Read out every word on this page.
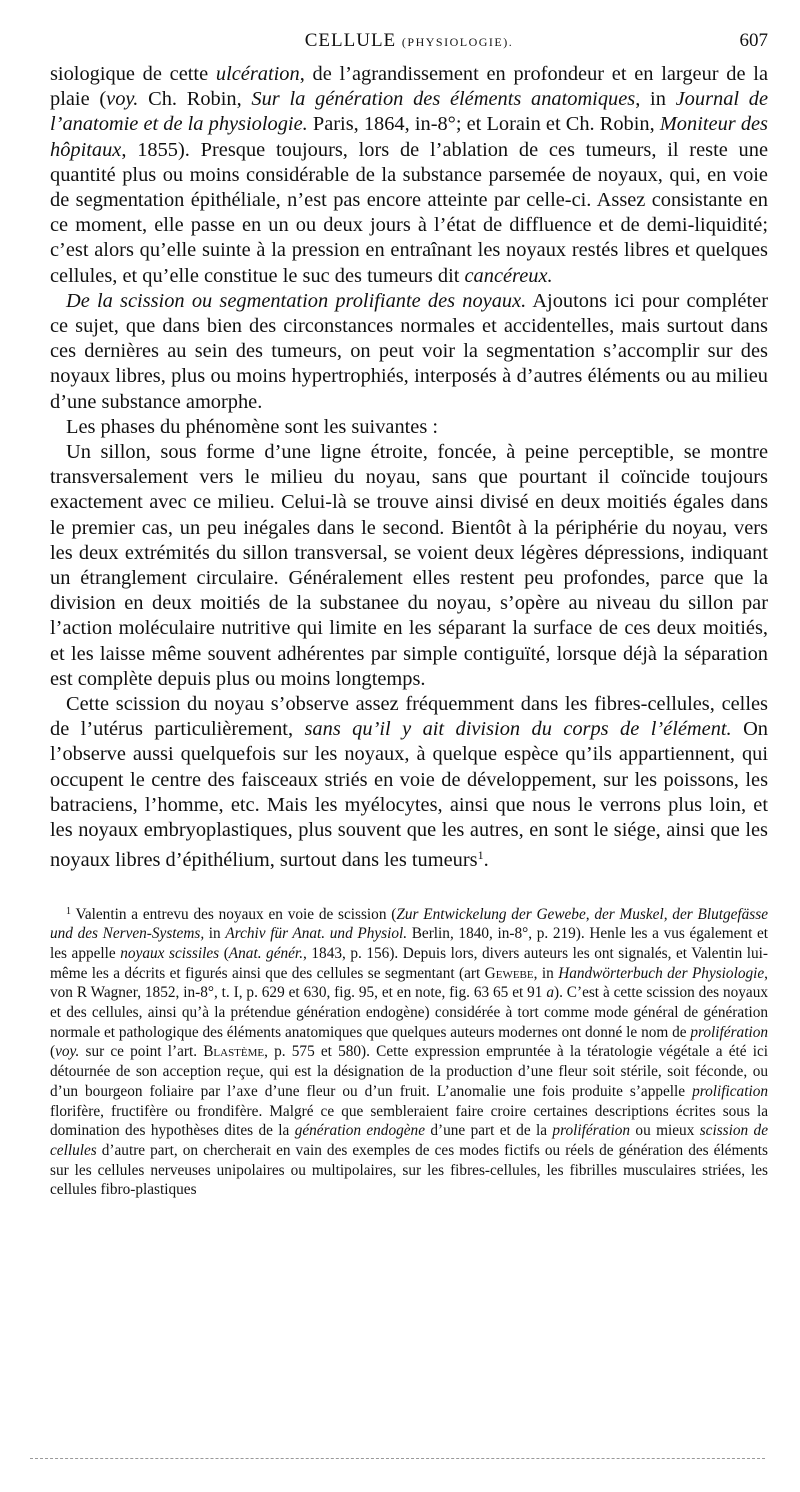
CELLULE (PHYSIOLOGIE).	607

siologique de cette ulcération, de l’agrandissement en profondeur et en largeur de la plaie (voy. Ch. Robin, Sur la génération des éléments anatomiques, in Journal de l’anatomie et de la physiologie. Paris, 1864, in-8°; et Lorain et Ch. Robin, Moniteur des hôpitaux, 1855). Presque toujours, lors de l’ablation de ces tumeurs, il reste une quantité plus ou moins considérable de la substance parsemée de noyaux, qui, en voie de segmentation épithéliale, n’est pas encore atteinte par celle-ci. Assez consistante en ce moment, elle passe en un ou deux jours à l’état de diffluence et de demi-liquidité; c’est alors qu’elle suinte à la pression en entraînant les noyaux restés libres et quelques cellules, et qu’elle constitue le suc des tumeurs dit cancéreux.

De la scission ou segmentation prolifiante des noyaux. Ajoutons ici pour compléter ce sujet, que dans bien des circonstances normales et accidentelles, mais surtout dans ces dernières au sein des tumeurs, on peut voir la segmentation s’accomplir sur des noyaux libres, plus ou moins hypertrophiés, interposés à d’autres éléments ou au milieu d’une substance amorphe.

Les phases du phénomène sont les suivantes :

Un sillon, sous forme d’une ligne étroite, foncée, à peine perceptible, se montre transversalement vers le milieu du noyau, sans que pourtant il coïncide toujours exactement avec ce milieu. Celui-là se trouve ainsi divisé en deux moitiés égales dans le premier cas, un peu inégales dans le second. Bientôt à la périphérie du noyau, vers les deux extrémités du sillon transversal, se voient deux légères dépressions, indiquant un étranglement circulaire. Généralement elles restent peu profondes, parce que la division en deux moitiés de la substanee du noyau, s’opère au niveau du sillon par l’action moléculaire nutritive qui limite en les séparant la surface de ces deux moitiés, et les laisse même souvent adhérentes par simple contiguïté, lorsque déjà la séparation est complète depuis plus ou moins longtemps.

Cette scission du noyau s’observe assez fréquemment dans les fibres-cellules, celles de l’utérus particulièrement, sans qu’il y ait division du corps de l’élément. On l’observe aussi quelquefois sur les noyaux, à quelque espèce qu’ils appartiennent, qui occupent le centre des faisceaux striés en voie de développement, sur les poissons, les batraciens, l’homme, etc. Mais les myélocytes, ainsi que nous le verrons plus loin, et les noyaux embryoplastiques, plus souvent que les autres, en sont le siége, ainsi que les noyaux libres d’épithélium, surtout dans les tumeurs$^1$.

$^1$ Valentin a entrevu des noyaux en voie de scission (Zur Entwickelung der Gewebe, der Muskel, der Blutgefässe und des Nerven-Systems, in Archiv für Anat. und Physiol. Berlin, 1840, in-8°, p. 219). Henle les a vus également et les appelle noyaux scissiles (Anat. génér., 1843, p. 156). Depuis lors, divers auteurs les ont signalés, et Valentin lui-même les a décrits et figurés ainsi que des cellules se segmentant (art Gewebe, in Handwörterbuch der Physiologie, von R Wagner, 1852, in-8°, t. I, p. 629 et 630, fig. 95, et en note, fig. 63 65 et 91 a). C’est à cette scission des noyaux et des cellules, ainsi qu’à la prétendue génération endogène) considérée à tort comme mode général de génération normale et pathologique des éléments anatomiques que quelques auteurs modernes ont donné le nom de prolifération (voy. sur ce point l’art. Blastème, p. 575 et 580). Cette expression empruntée à la tératologie végétale a été ici détournée de son acception reçue, qui est la désignation de la production d’une fleur soit stérile, soit féconde, ou d’un bourgeon foliaire par l’axe d’une fleur ou d’un fruit. L’anomalie une fois produite s’appelle prolification florifère, fructifère ou frondifère. Malgré ce que sembleraient faire croire certaines descriptions écrites sous la domination des hypothèses dites de la génération endogène d’une part et de la prolifération ou mieux scission de cellules d’autre part, on chercherait en vain des exemples de ces modes fictifs ou réels de génération des éléments sur les cellules nerveuses unipolaires ou multipolaires, sur les fibres-cellules, les fibrilles musculaires striées, les cellules fibro-plastiques
